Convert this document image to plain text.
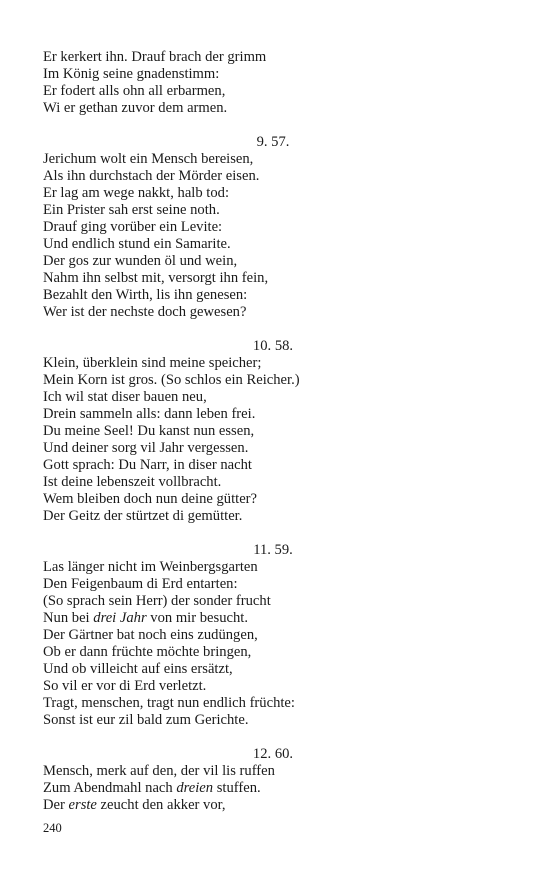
Er kerkert ihn. Drauf brach der grimm
Im König seine gnadenstimm:
Er fodert alls ohn all erbarmen,
Wi er gethan zuvor dem armen.
9. 57.
Jerichum wolt ein Mensch bereisen,
Als ihn durchstach der Mörder eisen.
Er lag am wege nakkt, halb tod:
Ein Prister sah erst seine noth.
Drauf ging vorüber ein Levite:
Und endlich stund ein Samarite.
Der gos zur wunden öl und wein,
Nahm ihn selbst mit, versorgt ihn fein,
Bezahlt den Wirth, lis ihn genesen:
Wer ist der nechste doch gewesen?
10. 58.
Klein, überklein sind meine speicher;
Mein Korn ist gros. (So schlos ein Reicher.)
Ich wil stat diser bauen neu,
Drein sammeln alls: dann leben frei.
Du meine Seel! Du kanst nun essen,
Und deiner sorg vil Jahr vergessen.
Gott sprach: Du Narr, in diser nacht
Ist deine lebenszeit vollbracht.
Wem bleiben doch nun deine gütter?
Der Geitz der stürtzet di gemütter.
11. 59.
Las länger nicht im Weinbergsgarten
Den Feigenbaum di Erd entarten:
(So sprach sein Herr) der sonder frucht
Nun bei drei Jahr von mir besucht.
Der Gärtner bat noch eins zudüngen,
Ob er dann früchte möchte bringen,
Und ob villeicht auf eins ersätzt,
So vil er vor di Erd verletzt.
Tragt, menschen, tragt nun endlich früchte:
Sonst ist eur zil bald zum Gerichte.
12. 60.
Mensch, merk auf den, der vil lis ruffen
Zum Abendmahl nach dreien stuffen.
Der erste zeucht den akker vor,
240
